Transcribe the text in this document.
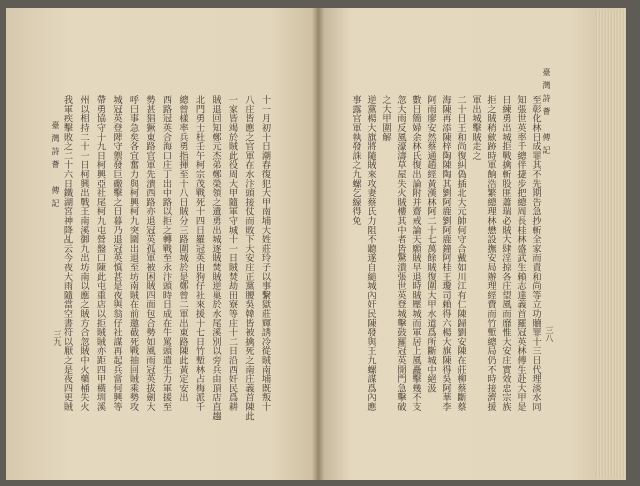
臺灣詩薈　傳記
三九	十一月初十日潮春復犯大甲南埔大姓莊玲子以事繫獄莊輝誘冷從賊南埔既叛十
八庄皆應之官軍在水汴頭接仗而敗下大安庄正黨腰吳韓皆被擒死之南庄義首陳此
一家皆竭於賊此役周大甲隨軍守城十一日賊焚劫田寮等庄十二日沿西奸民爲耕
賊退回知鄭元杰弟鄭榮領之遺勇出城逐賊焚賊逆巢於水尾溪別以旁兵由頂店直趨
北門勇士杜壬午柯宗茂戰死十四日羅冠英由狗仔社來援十七日竹塹林占梅派千
總曾樣率兵勇指揮至十八日賊分三路圍城於是鄭曾二軍出東路陳此黃定安出
西路冠英合海口庄丁出中路以拒之轉戰至永汴頭時日成在牛罵頭遣生力軍援至
勢甚猖獗東路官軍先潰西路亦退冠英孤軍被困賊四面包合勢如風雨冠英拔劍大
呼曰事急矣各宜奮力與柯興柯九突圍出退至坊南賊在前邀截死戰抽回賊乘勢攻
城冠英登陴守禦發巨礮擊之日暮乃退冠英慎甚是夜與翁仔社謀再起兵當何興等
帶勇協守十九日柯興亞社尾柯九屯營盤口陳此屯重店以拒賊賊亦距四甲橫圳溪
州以相持二十一日柯興出戰王南溪御九出坊南以應之賊方合忽賊中火藥桶失火
我軍疾擊敗之二十六日鐵湖宮神降乩云今夜大雨隨當空書符以厭之是夜四更賊
臺灣詩薈　傳記
三八
至彰化林日成罪其不先期告急抄斬全家而責和尚等立功贖罪十三日代理淡水同
知張世英率千總伴捷步把總周長桂林盛武生賴志達義首羅冠英林傳生赴大甲是
日練勇出城拒戰擒斬股匪蕭瑞必賊大肆淫掠各庄望風而靡惟大安庄實效忠宗族
拒之賊稍歛跡時軍餉浩繁總理林懋設撫安局辦理經費而竹塹總局仍不時接濟援
軍出城擊賊走之
二十日王和尚復糾偽插北大元帥何守合戴如川江有仁陳歸劉安陳在莊柳蔡斷蔡
海陳再添陳梓陶陳陶其劉阿鹿劉阿鹿鐘阿桂王瓊司賴得六楊大旗陳得吳阿華李
阿雨廖安然蔡通趙經黃漢林阿二十七萬餘賊復圍大甲水道爲所斷城中絕汲
數日簡婦余林氏復出論附并齋戒論天願賊早退時賊壓城而軍居上風矗擊幾不支
忽大雨反風濠濤草屋失火賊樓其中者皆驚潰張世英登城擊鼓羅冠英開門急擊破
之大甲圍解
逆黨楊大旗將隨賊來攻妻蔡氏力阻不聽遂自縋城內奸民陳發與王九螺謀爲內應
事露官軍執發誅之九螺乞線得免
